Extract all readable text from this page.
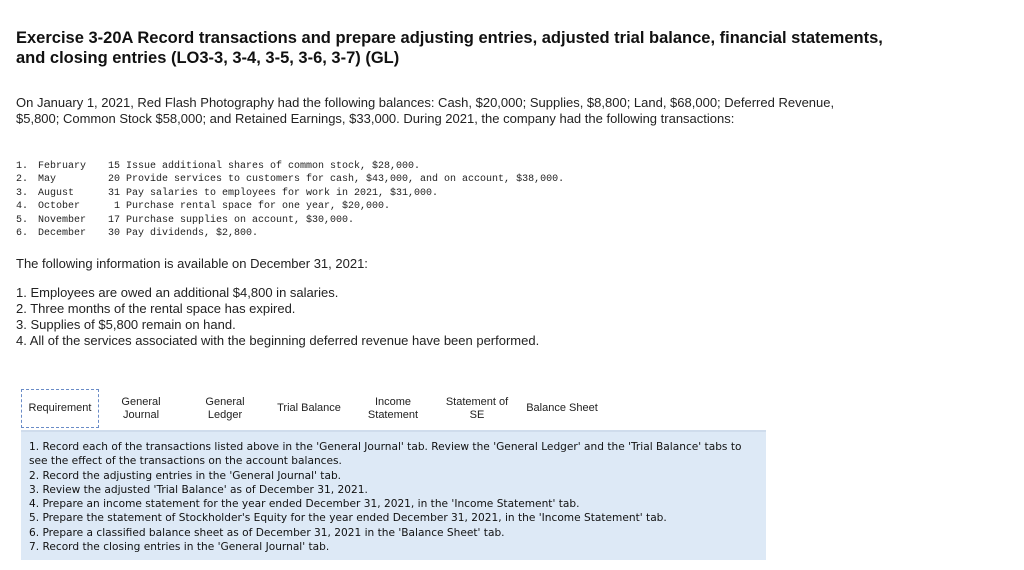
Exercise 3-20A Record transactions and prepare adjusting entries, adjusted trial balance, financial statements, and closing entries (LO3-3, 3-4, 3-5, 3-6, 3-7) (GL)
On January 1, 2021, Red Flash Photography had the following balances: Cash, $20,000; Supplies, $8,800; Land, $68,000; Deferred Revenue, $5,800; Common Stock $58,000; and Retained Earnings, $33,000. During 2021, the company had the following transactions:
1.	February	15	Issue additional shares of common stock, $28,000.
2.	May	20	Provide services to customers for cash, $43,000, and on account, $38,000.
3.	August	31	Pay salaries to employees for work in 2021, $31,000.
4.	October	1	Purchase rental space for one year, $20,000.
5.	November	17	Purchase supplies on account, $30,000.
6.	December	30	Pay dividends, $2,800.
The following information is available on December 31, 2021:
1. Employees are owed an additional $4,800 in salaries.
2. Three months of the rental space has expired.
3. Supplies of $5,800 remain on hand.
4. All of the services associated with the beginning deferred revenue have been performed.
Requirement
General
Journal
General
Ledger
Trial Balance
Income
Statement
Statement of
SE
Balance Sheet

1. Record each of the transactions listed above in the 'General Journal' tab. Review the 'General Ledger' and the 'Trial Balance' tabs to see the effect of the transactions on the account balances.

2. Record the adjusting entries in the 'General Journal' tab.

3. Review the adjusted 'Trial Balance' as of December 31, 2021.

4. Prepare an income statement for the year ended December 31, 2021, in the 'Income Statement' tab.

5. Prepare the statement of Stockholder's Equity for the year ended December 31, 2021, in the 'Income Statement' tab.

6. Prepare a classified balance sheet as of December 31, 2021 in the 'Balance Sheet' tab.

7. Record the closing entries in the 'General Journal' tab.
